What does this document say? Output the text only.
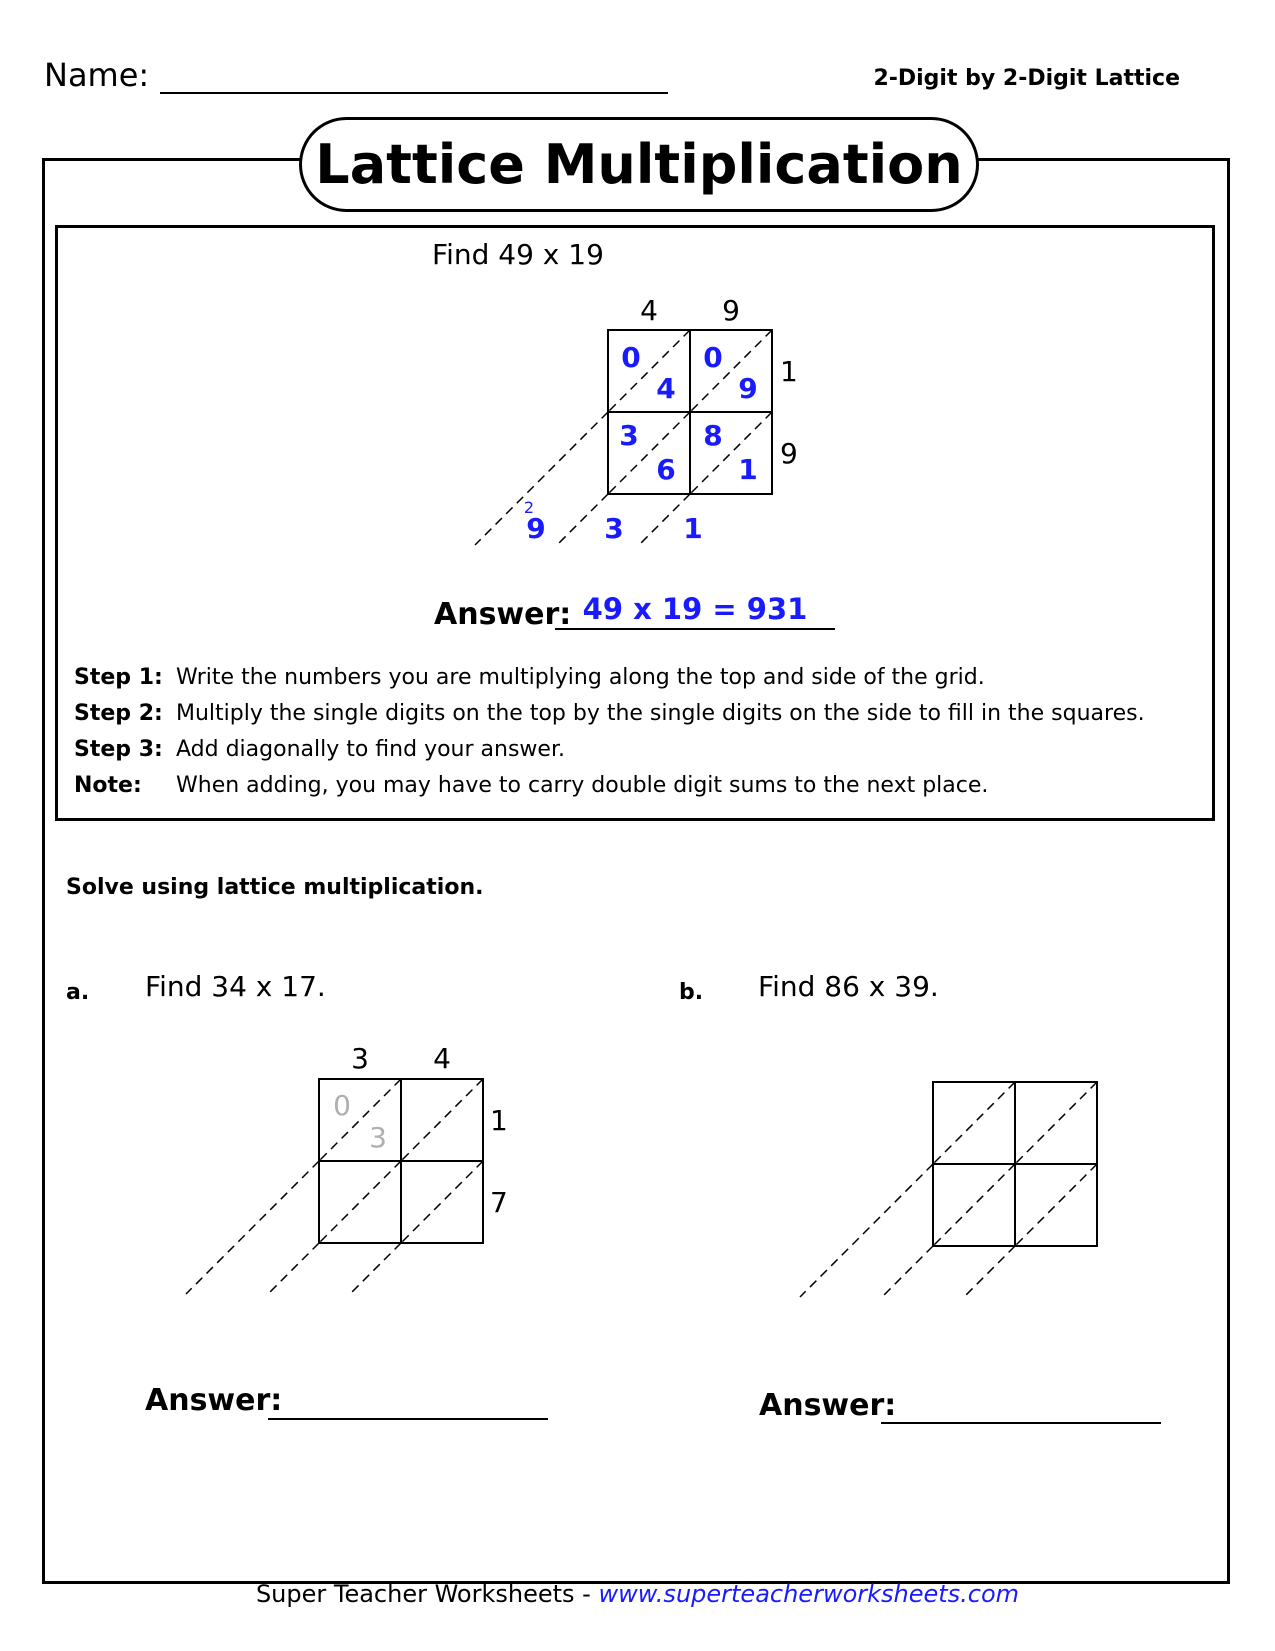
Name:	2-Digit by 2-Digit Lattice
Lattice Multiplication
Find 49 x 19
4 9
1
9
0
4
0
9
3
6
8
1
9 3 1
2
3 4
1
7
0
3
Answer: 49 x 19 = 931
Step 1: Write the numbers you are multiplying along the top and side of the grid.
Step 2: Multiply the single digits on the top by the single digits on the side to fill in the squares.
Step 3: Add diagonally to find your answer.
Note: When adding, you may have to carry double digit sums to the next place.
Solve using lattice multiplication.
a. Find 34 x 17.
Answer:
b. Find 86 x 39.
Answer:
Super Teacher Worksheets - www.superteacherworksheets.com
